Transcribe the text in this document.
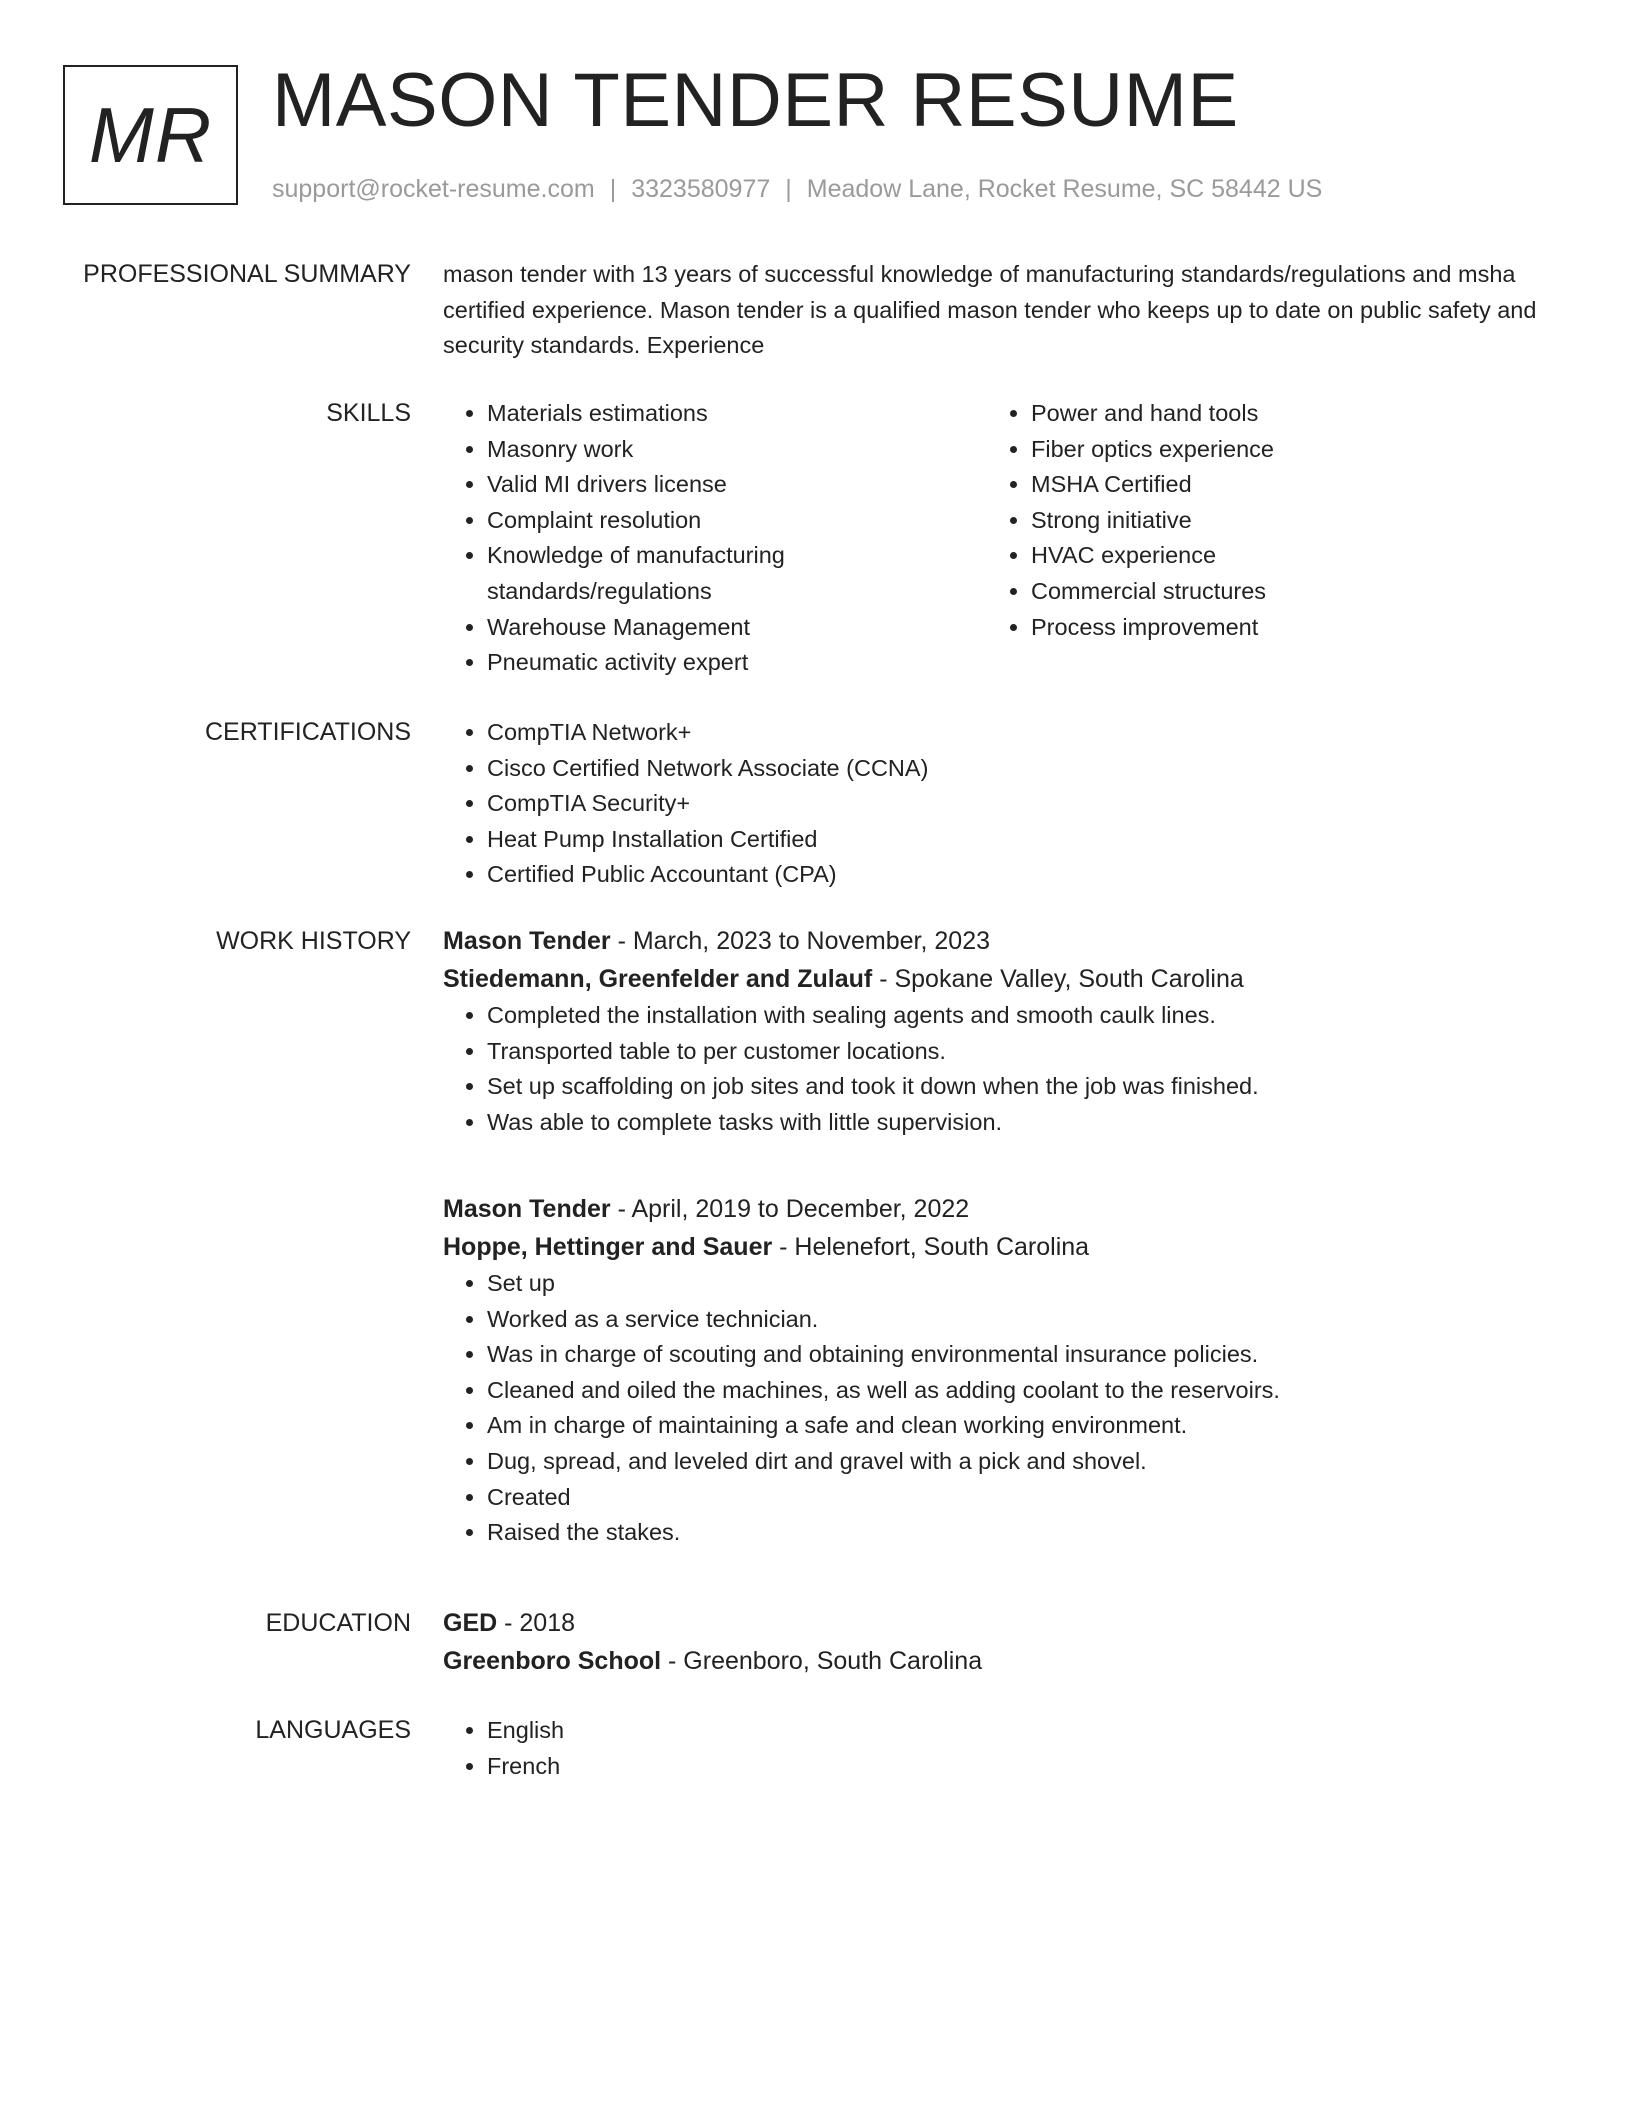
MR MASON TENDER RESUME
support@rocket-resume.com | 3323580977 | Meadow Lane, Rocket Resume, SC 58442 US
PROFESSIONAL SUMMARY mason tender with 13 years of successful knowledge of manufacturing standards/regulations and msha certified experience. Mason tender is a qualified mason tender who keeps up to date on public safety and security standards. Experience

SKILLS	• Materials estimations
• Masonry work
• Valid MI drivers license
• Complaint resolution
• Knowledge of manufacturing standards/regulations
• Warehouse Management
• Pneumatic activity expert
• Power and hand tools
• Fiber optics experience
• MSHA Certified
• Strong initiative
• HVAC experience
• Commercial structures
• Process improvement
CERTIFICATIONS	• CompTIA Network+
• Cisco Certified Network Associate (CCNA)
• CompTIA Security+
• Heat Pump Installation Certified
• Certified Public Accountant (CPA)
WORK HISTORY Mason Tender - March, 2023 to November, 2023
Stiedemann, Greenfelder and Zulauf - Spokane Valley, South Carolina
• Completed the installation with sealing agents and smooth caulk lines.
• Transported table to per customer locations.
• Set up scaffolding on job sites and took it down when the job was finished.
• Was able to complete tasks with little supervision.
Mason Tender - April, 2019 to December, 2022
Hoppe, Hettinger and Sauer - Helenefort, South Carolina
• Set up
• Worked as a service technician.
• Was in charge of scouting and obtaining environmental insurance policies.
• Cleaned and oiled the machines, as well as adding coolant to the reservoirs.
• Am in charge of maintaining a safe and clean working environment.
• Dug, spread, and leveled dirt and gravel with a pick and shovel.
• Created
• Raised the stakes.
EDUCATION GED - 2018
Greenboro School - Greenboro, South Carolina
LANGUAGES	• English
• French
